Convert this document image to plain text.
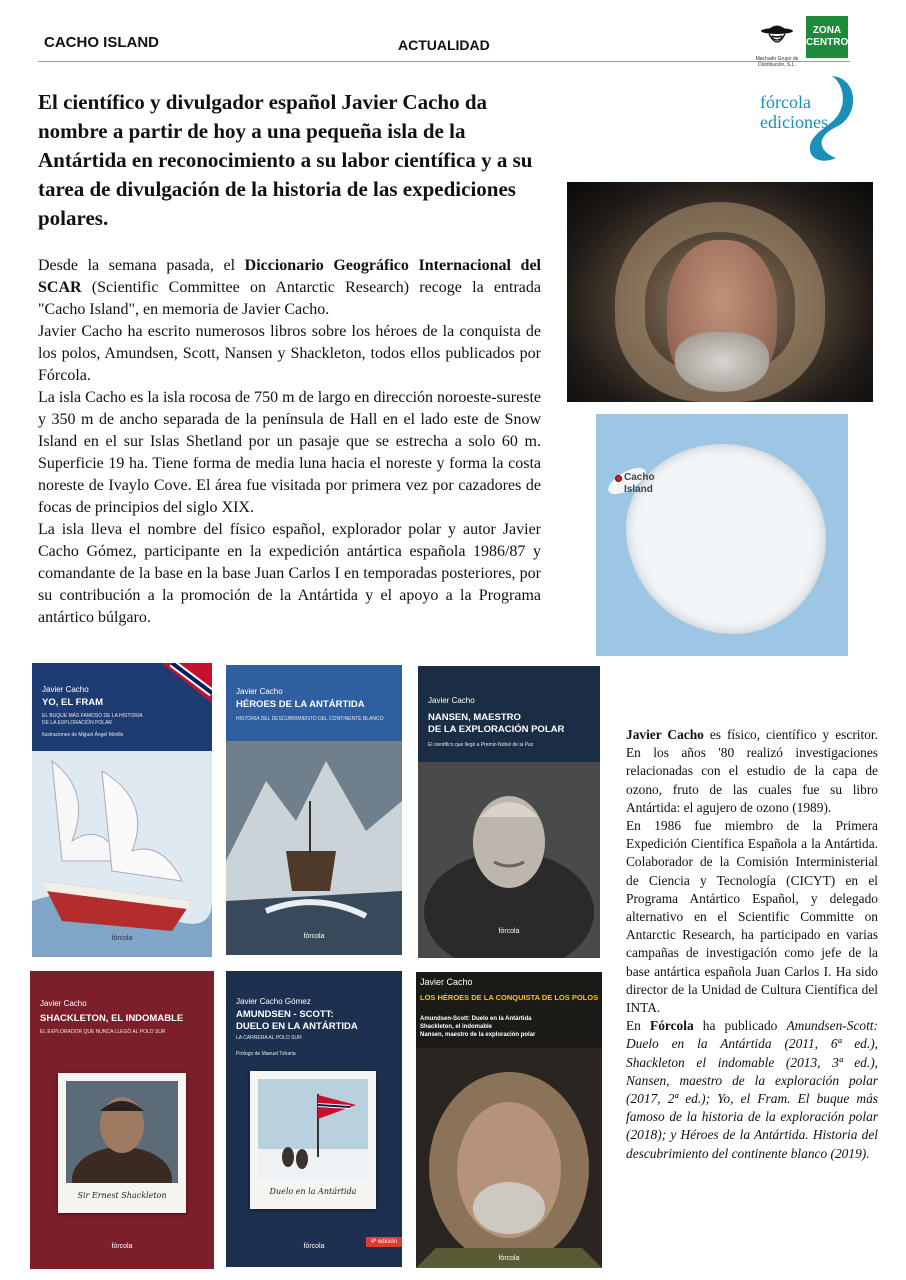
CACHO ISLAND	ACTUALIDAD
Machado Grupo de Distribución, S.L.
ZONA
CENTRO
fórcola
ediciones
El científico y divulgador español Javier Cacho da nombre a partir de hoy a una pequeña isla de la Antártida en reconocimiento a su labor científica y a su tarea de divulgación de la historia de las expediciones polares.

Desde la semana pasada, el Diccionario Geográfico Internacional del SCAR (Scientific Committee on Antarctic Research) recoge la entrada "Cacho Island", en memoria de Javier Cacho.

Javier Cacho ha escrito numerosos libros sobre los héroes de la conquista de los polos, Amundsen, Scott, Nansen y Shackleton, todos ellos publicados por Fórcola.

La isla Cacho es la isla rocosa de 750 m de largo en dirección noroeste-sureste y 350 m de ancho separada de la península de Hall en el lado este de Snow Island en el sur Islas Shetland por un pasaje que se estrecha a solo 60 m. Superficie 19 ha. Tiene forma de media luna hacia el noreste y forma la costa noreste de Ivaylo Cove. El área fue visitada por primera vez por cazadores de focas de principios del siglo XIX.

La isla lleva el nombre del físico español, explorador polar y autor Javier Cacho Gómez, participante en la expedición antártica española 1986/87 y comandante de la base en la base Juan Carlos I en temporadas posteriores, por su contribución a la promoción de la Antártida y el apoyo a la Programa antártico búlgaro.

Cacho
Island
Javier Cacho
YO, EL FRAM
EL BUQUE MÁS FAMOSO DE LA HISTORIA
DE LA EXPLORACIÓN POLAR
Ilustraciones de Miguel Ángel Morillo
fórcola
Javier Cacho
HÉROES DE LA ANTÁRTIDA
HISTORIA DEL DESCUBRIMIENTO DEL CONTINENTE BLANCO
fórcola
Javier Cacho
NANSEN, MAESTRO
DE LA EXPLORACIÓN POLAR
El científico que llegó a Premio Nobel de la Paz
fórcola
Javier Cacho
SHACKLETON, EL INDOMABLE
EL EXPLORADOR QUE NUNCA LLEGÓ AL POLO SUR
Sir Ernest Shackleton
fórcola
Javier Cacho Gómez
AMUNDSEN - SCOTT:
DUELO EN LA ANTÁRTIDA
LA CARRERA AL POLO SUR
Prólogo de Manuel Toharia
Duelo en la Antártida
fórcola
4ª edición
Javier Cacho
LOS HÉROES DE LA CONQUISTA DE LOS POLOS
Amundsen-Scott: Duelo en la Antártida
Shackleton, el indomable
Nansen, maestro de la exploración polar
fórcola

Javier Cacho es físico, científico y escritor. En los años '80 realizó investigaciones relacionadas con el estudio de la capa de ozono, fruto de las cuales fue su libro Antártida: el agujero de ozono (1989).

En 1986 fue miembro de la Primera Expedición Científica Española a la Antártida. Colaborador de la Comisión Interministerial de Ciencia y Tecnología (CICYT) en el Programa Antártico Español, y delegado alternativo en el Scientific Committe on Antarctic Research, ha participado en varias campañas de investigación como jefe de la base antártica española Juan Carlos I. Ha sido director de la Unidad de Cultura Científica del INTA.

En Fórcola ha publicado Amundsen-Scott: Duelo en la Antártida (2011, 6ª ed.), Shackleton el indomable (2013, 3ª ed.), Nansen, maestro de la exploración polar (2017, 2ª ed.); Yo, el Fram. El buque más famoso de la historia de la exploración polar (2018); y Héroes de la Antártida. Historia del descubrimiento del continente blanco (2019).
